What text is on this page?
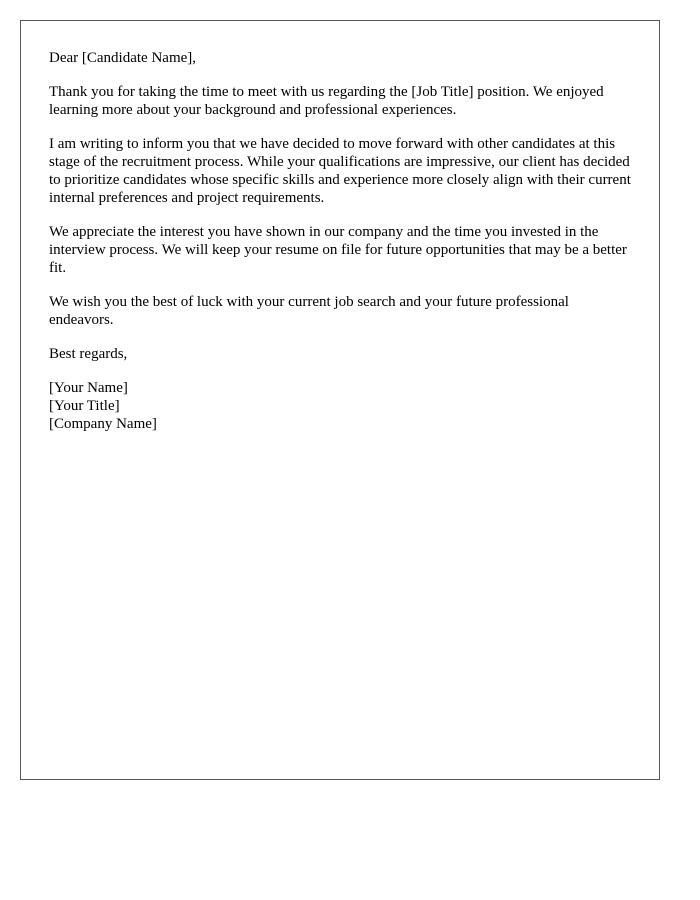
Dear [Candidate Name],

Thank you for taking the time to meet with us regarding the [Job Title] position. We enjoyed learning more about your background and professional experiences.

I am writing to inform you that we have decided to move forward with other candidates at this stage of the recruitment process. While your qualifications are impressive, our client has decided to prioritize candidates whose specific skills and experience more closely align with their current internal preferences and project requirements.

We appreciate the interest you have shown in our company and the time you invested in the interview process. We will keep your resume on file for future opportunities that may be a better fit.

We wish you the best of luck with your current job search and your future professional endeavors.

Best regards,

[Your Name]

[Your Title]

[Company Name]
